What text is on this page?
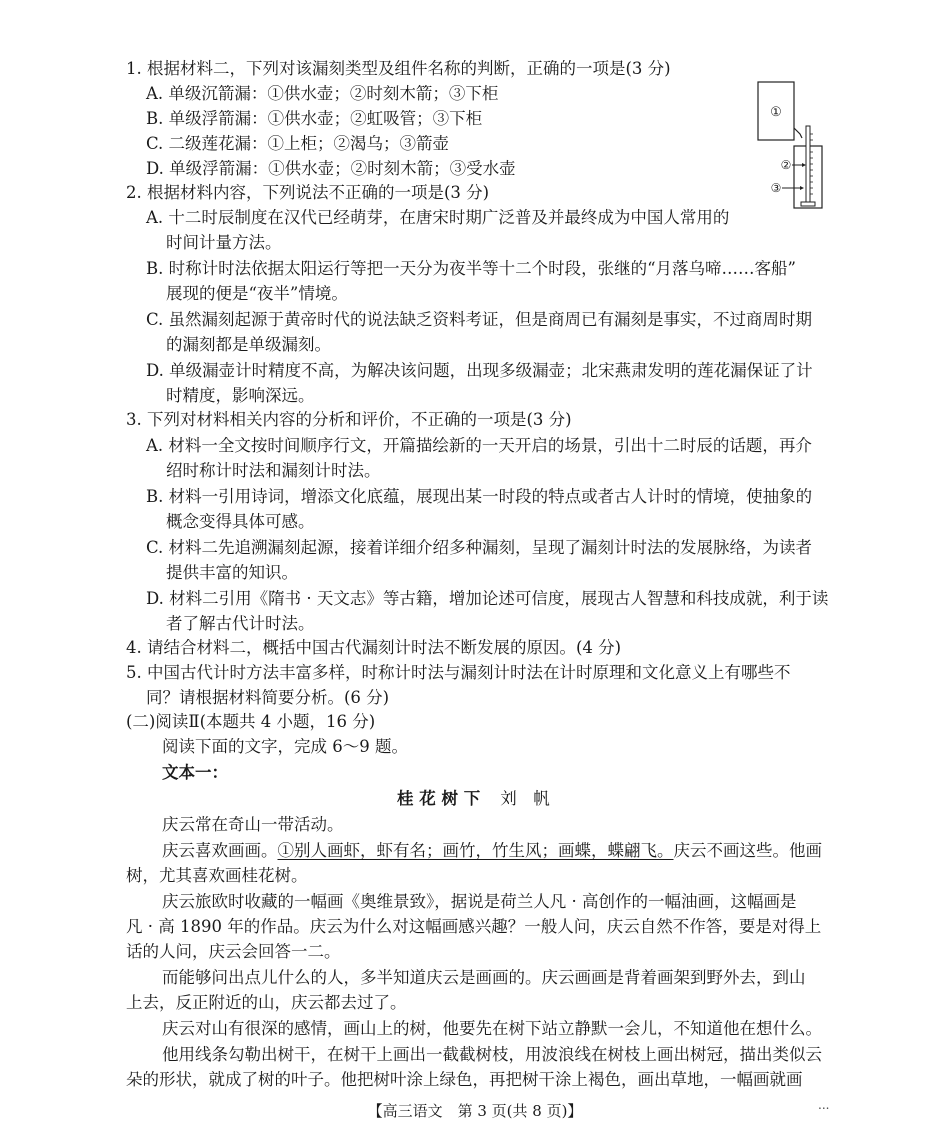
1. 根据材料二，下列对该漏刻类型及组件名称的判断，正确的一项是(3 分)
A. 单级沉箭漏：①供水壶；②时刻木箭；③下柜
B. 单级浮箭漏：①供水壶；②虹吸管；③下柜
C. 二级莲花漏：①上柜；②渴乌；③箭壶
D. 单级浮箭漏：①供水壶；②时刻木箭；③受水壶
①
②
③
2. 根据材料内容，下列说法不正确的一项是(3 分)
A. 十二时辰制度在汉代已经萌芽，在唐宋时期广泛普及并最终成为中国人常用的
时间计量方法。
B. 时称计时法依据太阳运行等把一天分为夜半等十二个时段，张继的“月落乌啼……客船”
展现的便是“夜半”情境。
C. 虽然漏刻起源于黄帝时代的说法缺乏资料考证，但是商周已有漏刻是事实，不过商周时期
的漏刻都是单级漏刻。
D. 单级漏壶计时精度不高，为解决该问题，出现多级漏壶；北宋燕肃发明的莲花漏保证了计
时精度，影响深远。
3. 下列对材料相关内容的分析和评价，不正确的一项是(3 分)
A. 材料一全文按时间顺序行文，开篇描绘新的一天开启的场景，引出十二时辰的话题，再介
绍时称计时法和漏刻计时法。
B. 材料一引用诗词，增添文化底蕴，展现出某一时段的特点或者古人计时的情境，使抽象的
概念变得具体可感。
C. 材料二先追溯漏刻起源，接着详细介绍多种漏刻，呈现了漏刻计时法的发展脉络，为读者
提供丰富的知识。
D. 材料二引用《隋书 · 天文志》等古籍，增加论述可信度，展现古人智慧和科技成就，利于读
者了解古代计时法。
4. 请结合材料二，概括中国古代漏刻计时法不断发展的原因。(4 分)
5. 中国古代计时方法丰富多样，时称计时法与漏刻计时法在计时原理和文化意义上有哪些不
同？请根据材料简要分析。(6 分)
(二)阅读Ⅱ(本题共 4 小题，16 分)
阅读下面的文字，完成 6～9 题。
文本一：
桂 花 树 下 刘　帆
庆云常在奇山一带活动。
庆云喜欢画画。①别人画虾，虾有名；画竹，竹生风；画蝶，蝶翩飞。庆云不画这些。他画
树，尤其喜欢画桂花树。
庆云旅欧时收藏的一幅画《奥维景致》，据说是荷兰人凡 · 高创作的一幅油画，这幅画是
凡 · 高 1890 年的作品。庆云为什么对这幅画感兴趣？一般人问，庆云自然不作答，要是对得上
话的人问，庆云会回答一二。
而能够问出点儿什么的人，多半知道庆云是画画的。庆云画画是背着画架到野外去，到山
上去，反正附近的山，庆云都去过了。
庆云对山有很深的感情，画山上的树，他要先在树下站立静默一会儿，不知道他在想什么。
他用线条勾勒出树干，在树干上画出一截截树枝，用波浪线在树枝上画出树冠，描出类似云
朵的形状，就成了树的叶子。他把树叶涂上绿色，再把树干涂上褐色，画出草地，一幅画就画
【高三语文　第 3 页(共 8 页)】	...
